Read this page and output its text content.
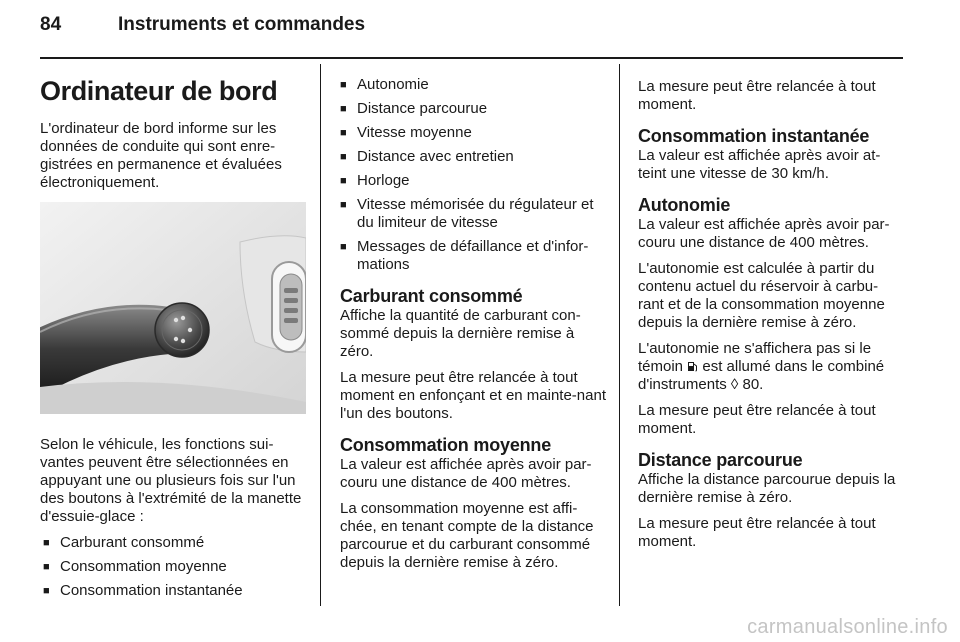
84	Instruments et commandes
Ordinateur de bord

L'ordinateur de bord informe sur les données de conduite qui sont enre-gistrées en permanence et évaluées électroniquement.

Selon le véhicule, les fonctions sui-vantes peuvent être sélectionnées en appuyant une ou plusieurs fois sur l'un des boutons à l'extrémité de la manette d'essuie-glace :

■ Carburant consommé
■ Consommation moyenne
■ Consommation instantanée
■ Autonomie
■ Distance parcourue
■ Vitesse moyenne
■ Distance avec entretien
■ Horloge
■ Vitesse mémorisée du régulateur et du limiteur de vitesse
■ Messages de défaillance et d'infor-mations
Carburant consommé

Affiche la quantité de carburant con-sommé depuis la dernière remise à zéro.

La mesure peut être relancée à tout moment en enfonçant et en mainte-nant l'un des boutons.

Consommation moyenne

La valeur est affichée après avoir par-couru une distance de 400 mètres.

La consommation moyenne est affi-chée, en tenant compte de la distance parcourue et du carburant consommé depuis la dernière remise à zéro.

La mesure peut être relancée à tout moment.

Consommation instantanée

La valeur est affichée après avoir at-teint une vitesse de 30 km/h.

Autonomie

La valeur est affichée après avoir par-couru une distance de 400 mètres.

L'autonomie est calculée à partir du contenu actuel du réservoir à carbu-rant et de la consommation moyenne depuis la dernière remise à zéro.

L'autonomie ne s'affichera pas si le témoin est allumé dans le combiné d'instruments ◊ 80.

La mesure peut être relancée à tout moment.

Distance parcourue

Affiche la distance parcourue depuis la dernière remise à zéro.

La mesure peut être relancée à tout moment.

carmanualsonline.info
